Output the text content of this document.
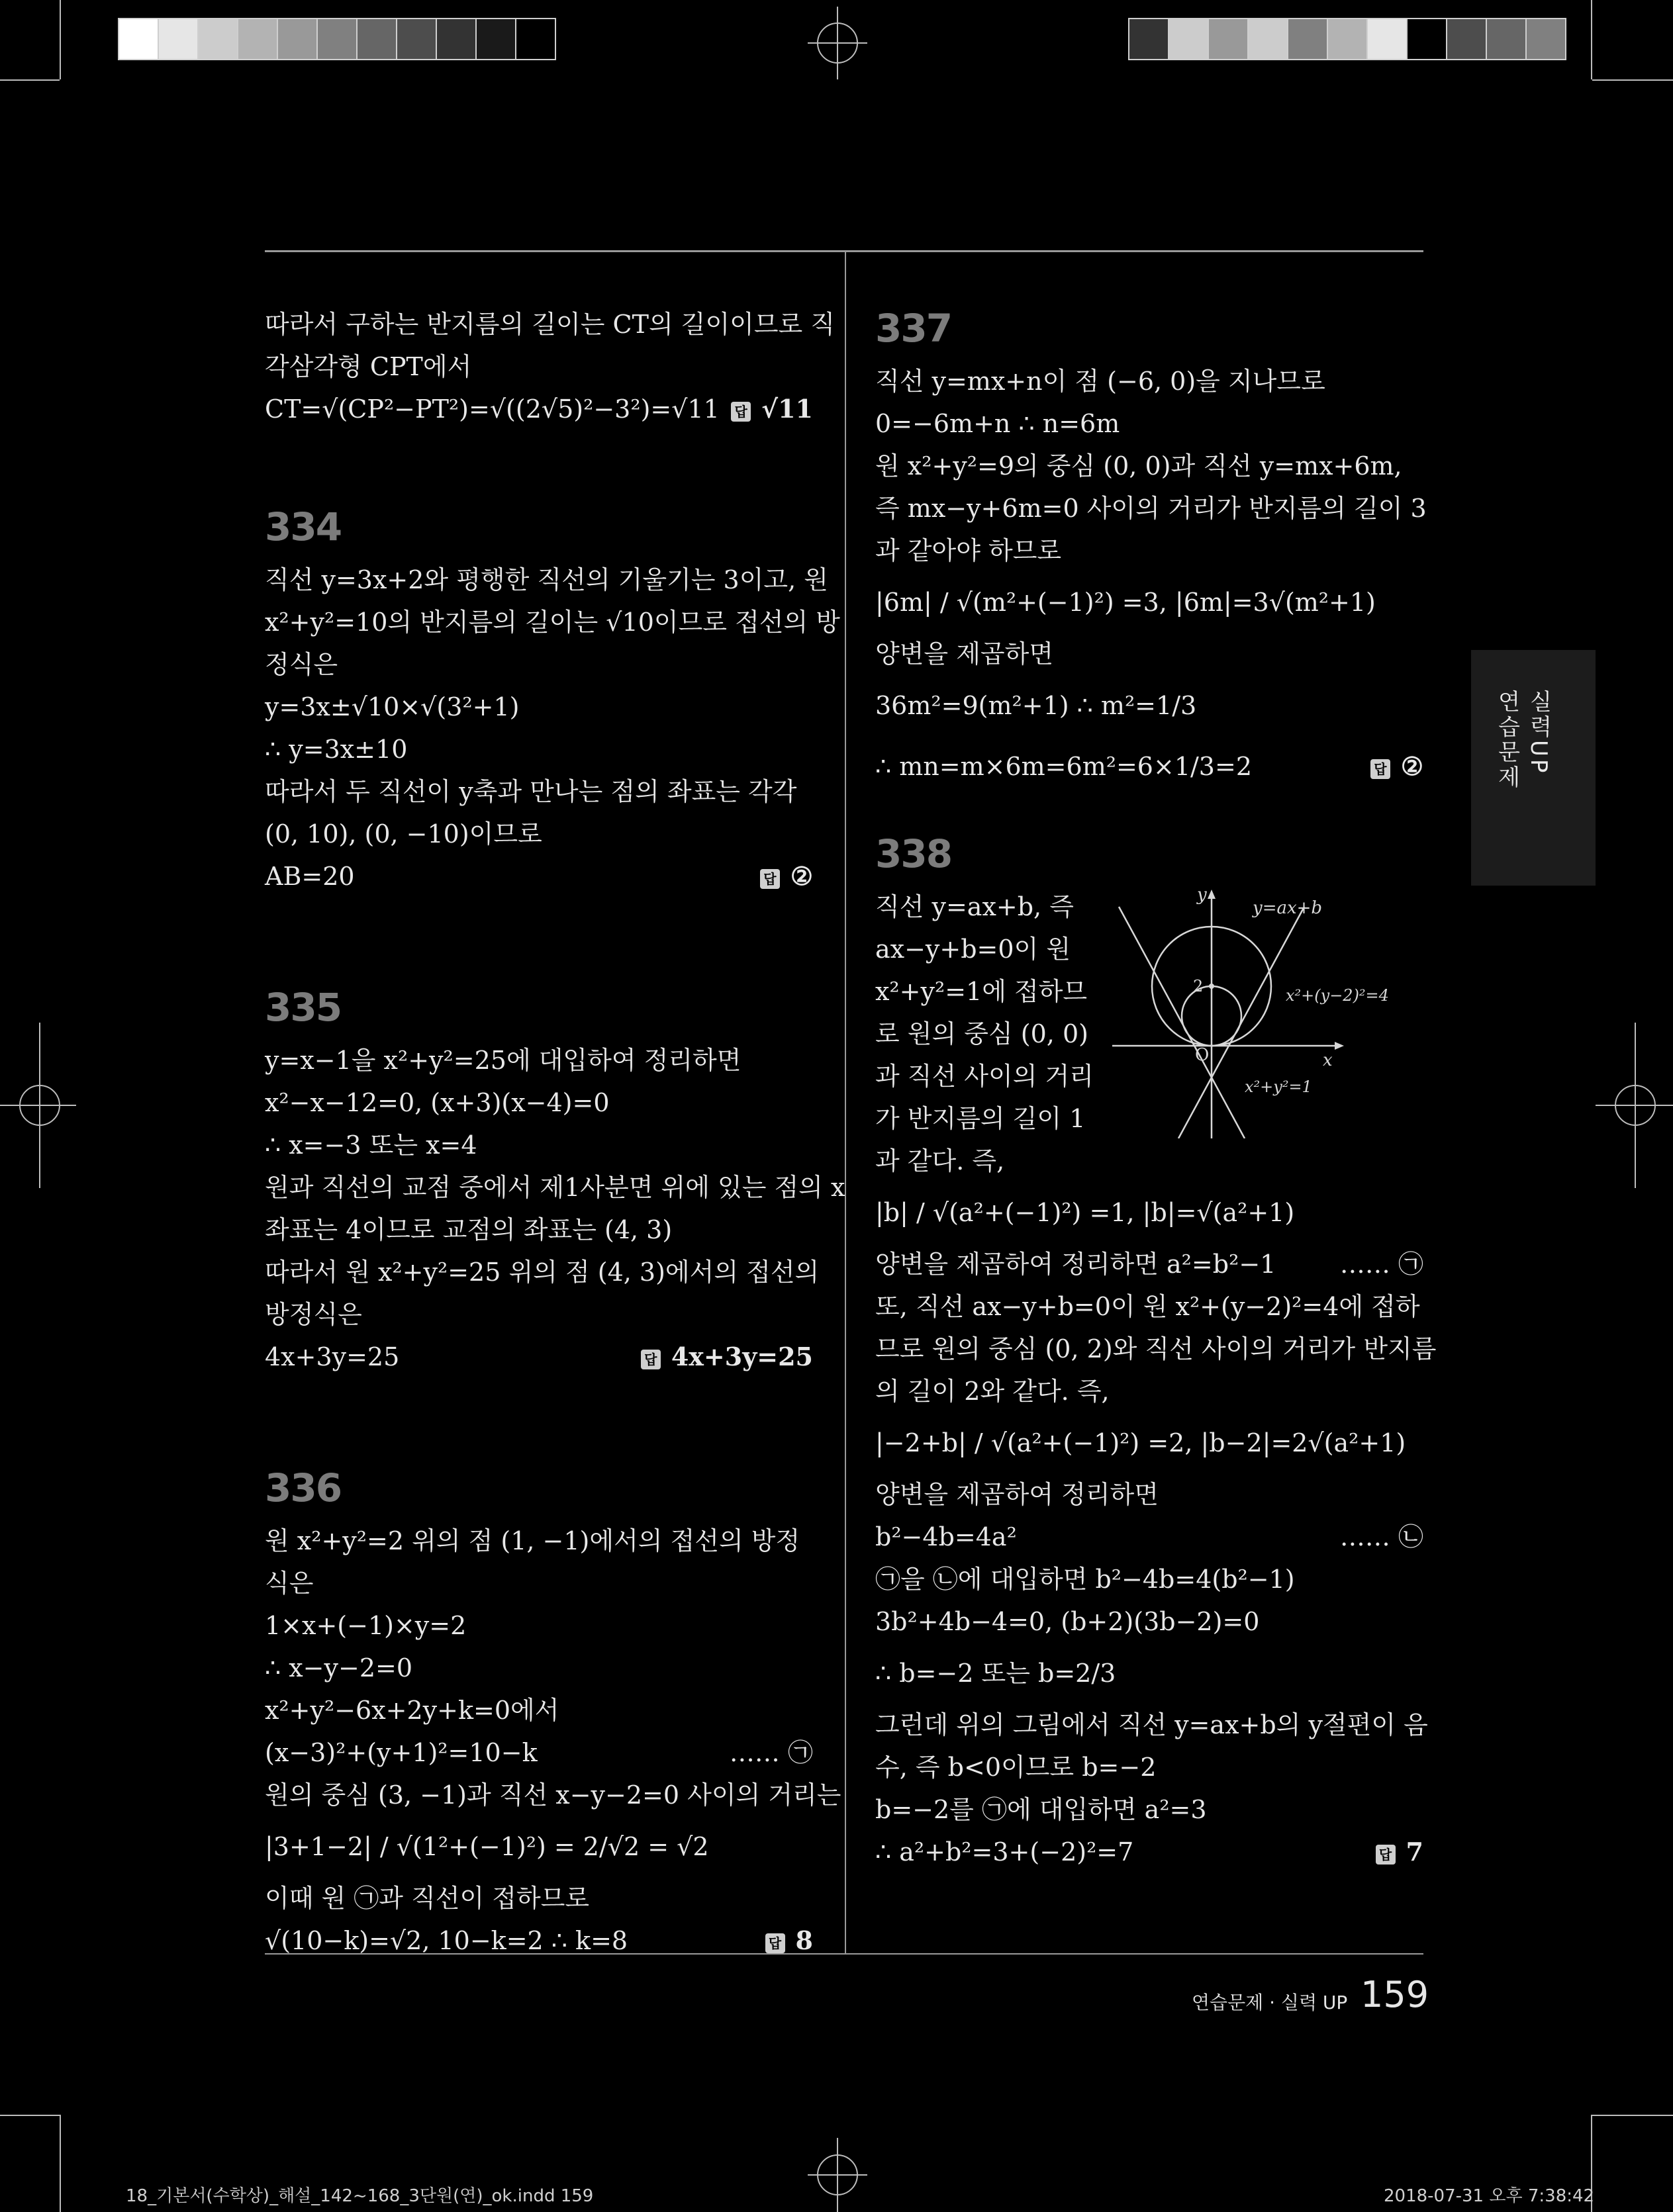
따라서 구하는 반지름의 길이는 CT의 길이이므로 직
각삼각형 CPT에서
CT=√(CP²−PT²)=√((2√5)²−3²)=√11 답 √11
334
직선 y=3x+2와 평행한 직선의 기울기는 3이고, 원
x²+y²=10의 반지름의 길이는 √10이므로 접선의 방
정식은
y=3x±√10×√(3²+1)
∴ y=3x±10
따라서 두 직선이 y축과 만나는 점의 좌표는 각각
(0, 10), (0, −10)이므로
AB=20	답 ②
335
y=x−1을 x²+y²=25에 대입하여 정리하면
x²−x−12=0, (x+3)(x−4)=0
∴ x=−3 또는 x=4
원과 직선의 교점 중에서 제1사분면 위에 있는 점의 x
좌표는 4이므로 교점의 좌표는 (4, 3)
따라서 원 x²+y²=25 위의 점 (4, 3)에서의 접선의
방정식은
4x+3y=25	답 4x+3y=25
336
원 x²+y²=2 위의 점 (1, −1)에서의 접선의 방정
식은
1×x+(−1)×y=2
∴ x−y−2=0
x²+y²−6x+2y+k=0에서
(x−3)²+(y+1)²=10−k	…… ㉠
원의 중심 (3, −1)과 직선 x−y−2=0 사이의 거리는
|3+1−2| / √(1²+(−1)²) = 2/√2 = √2
이때 원 ㉠과 직선이 접하므로
√(10−k)=√2, 10−k=2 ∴ k=8	답 8
337
직선 y=mx+n이 점 (−6, 0)을 지나므로
0=−6m+n ∴ n=6m
원 x²+y²=9의 중심 (0, 0)과 직선 y=mx+6m,
즉 mx−y+6m=0 사이의 거리가 반지름의 길이 3
과 같아야 하므로
|6m| / √(m²+(−1)²) =3, |6m|=3√(m²+1)
양변을 제곱하면
36m²=9(m²+1) ∴ m²=1/3
∴ mn=m×6m=6m²=6×1/3=2	답 ②
338
직선 y=ax+b, 즉
ax−y+b=0이 원
x²+y²=1에 접하므
로 원의 중심 (0, 0)
과 직선 사이의 거리
가 반지름의 길이 1
과 같다. 즉,
|b| / √(a²+(−1)²) =1, |b|=√(a²+1)
양변을 제곱하여 정리하면 a²=b²−1	…… ㉠
또, 직선 ax−y+b=0이 원 x²+(y−2)²=4에 접하
므로 원의 중심 (0, 2)와 직선 사이의 거리가 반지름
의 길이 2와 같다. 즉,
|−2+b| / √(a²+(−1)²) =2, |b−2|=2√(a²+1)
양변을 제곱하여 정리하면
b²−4b=4a²	…… ㉡
㉠을 ㉡에 대입하면 b²−4b=4(b²−1)
3b²+4b−4=0, (b+2)(3b−2)=0
∴ b=−2 또는 b=2/3
그런데 위의 그림에서 직선 y=ax+b의 y절편이 음
수, 즉 b<0이므로 b=−2
b=−2를 ㉠에 대입하면 a²=3
∴ a²+b²=3+(−2)²=7	답 7
y
x
O
2
y=ax+b
x²+(y−2)²=4
x²+y²=1
실력UP
연습문제
연습문제 · 실력 UP 159
18_기본서(수학상)_해설_142~168_3단원(연)_ok.indd 159	2018-07-31 오후 7:38:42
